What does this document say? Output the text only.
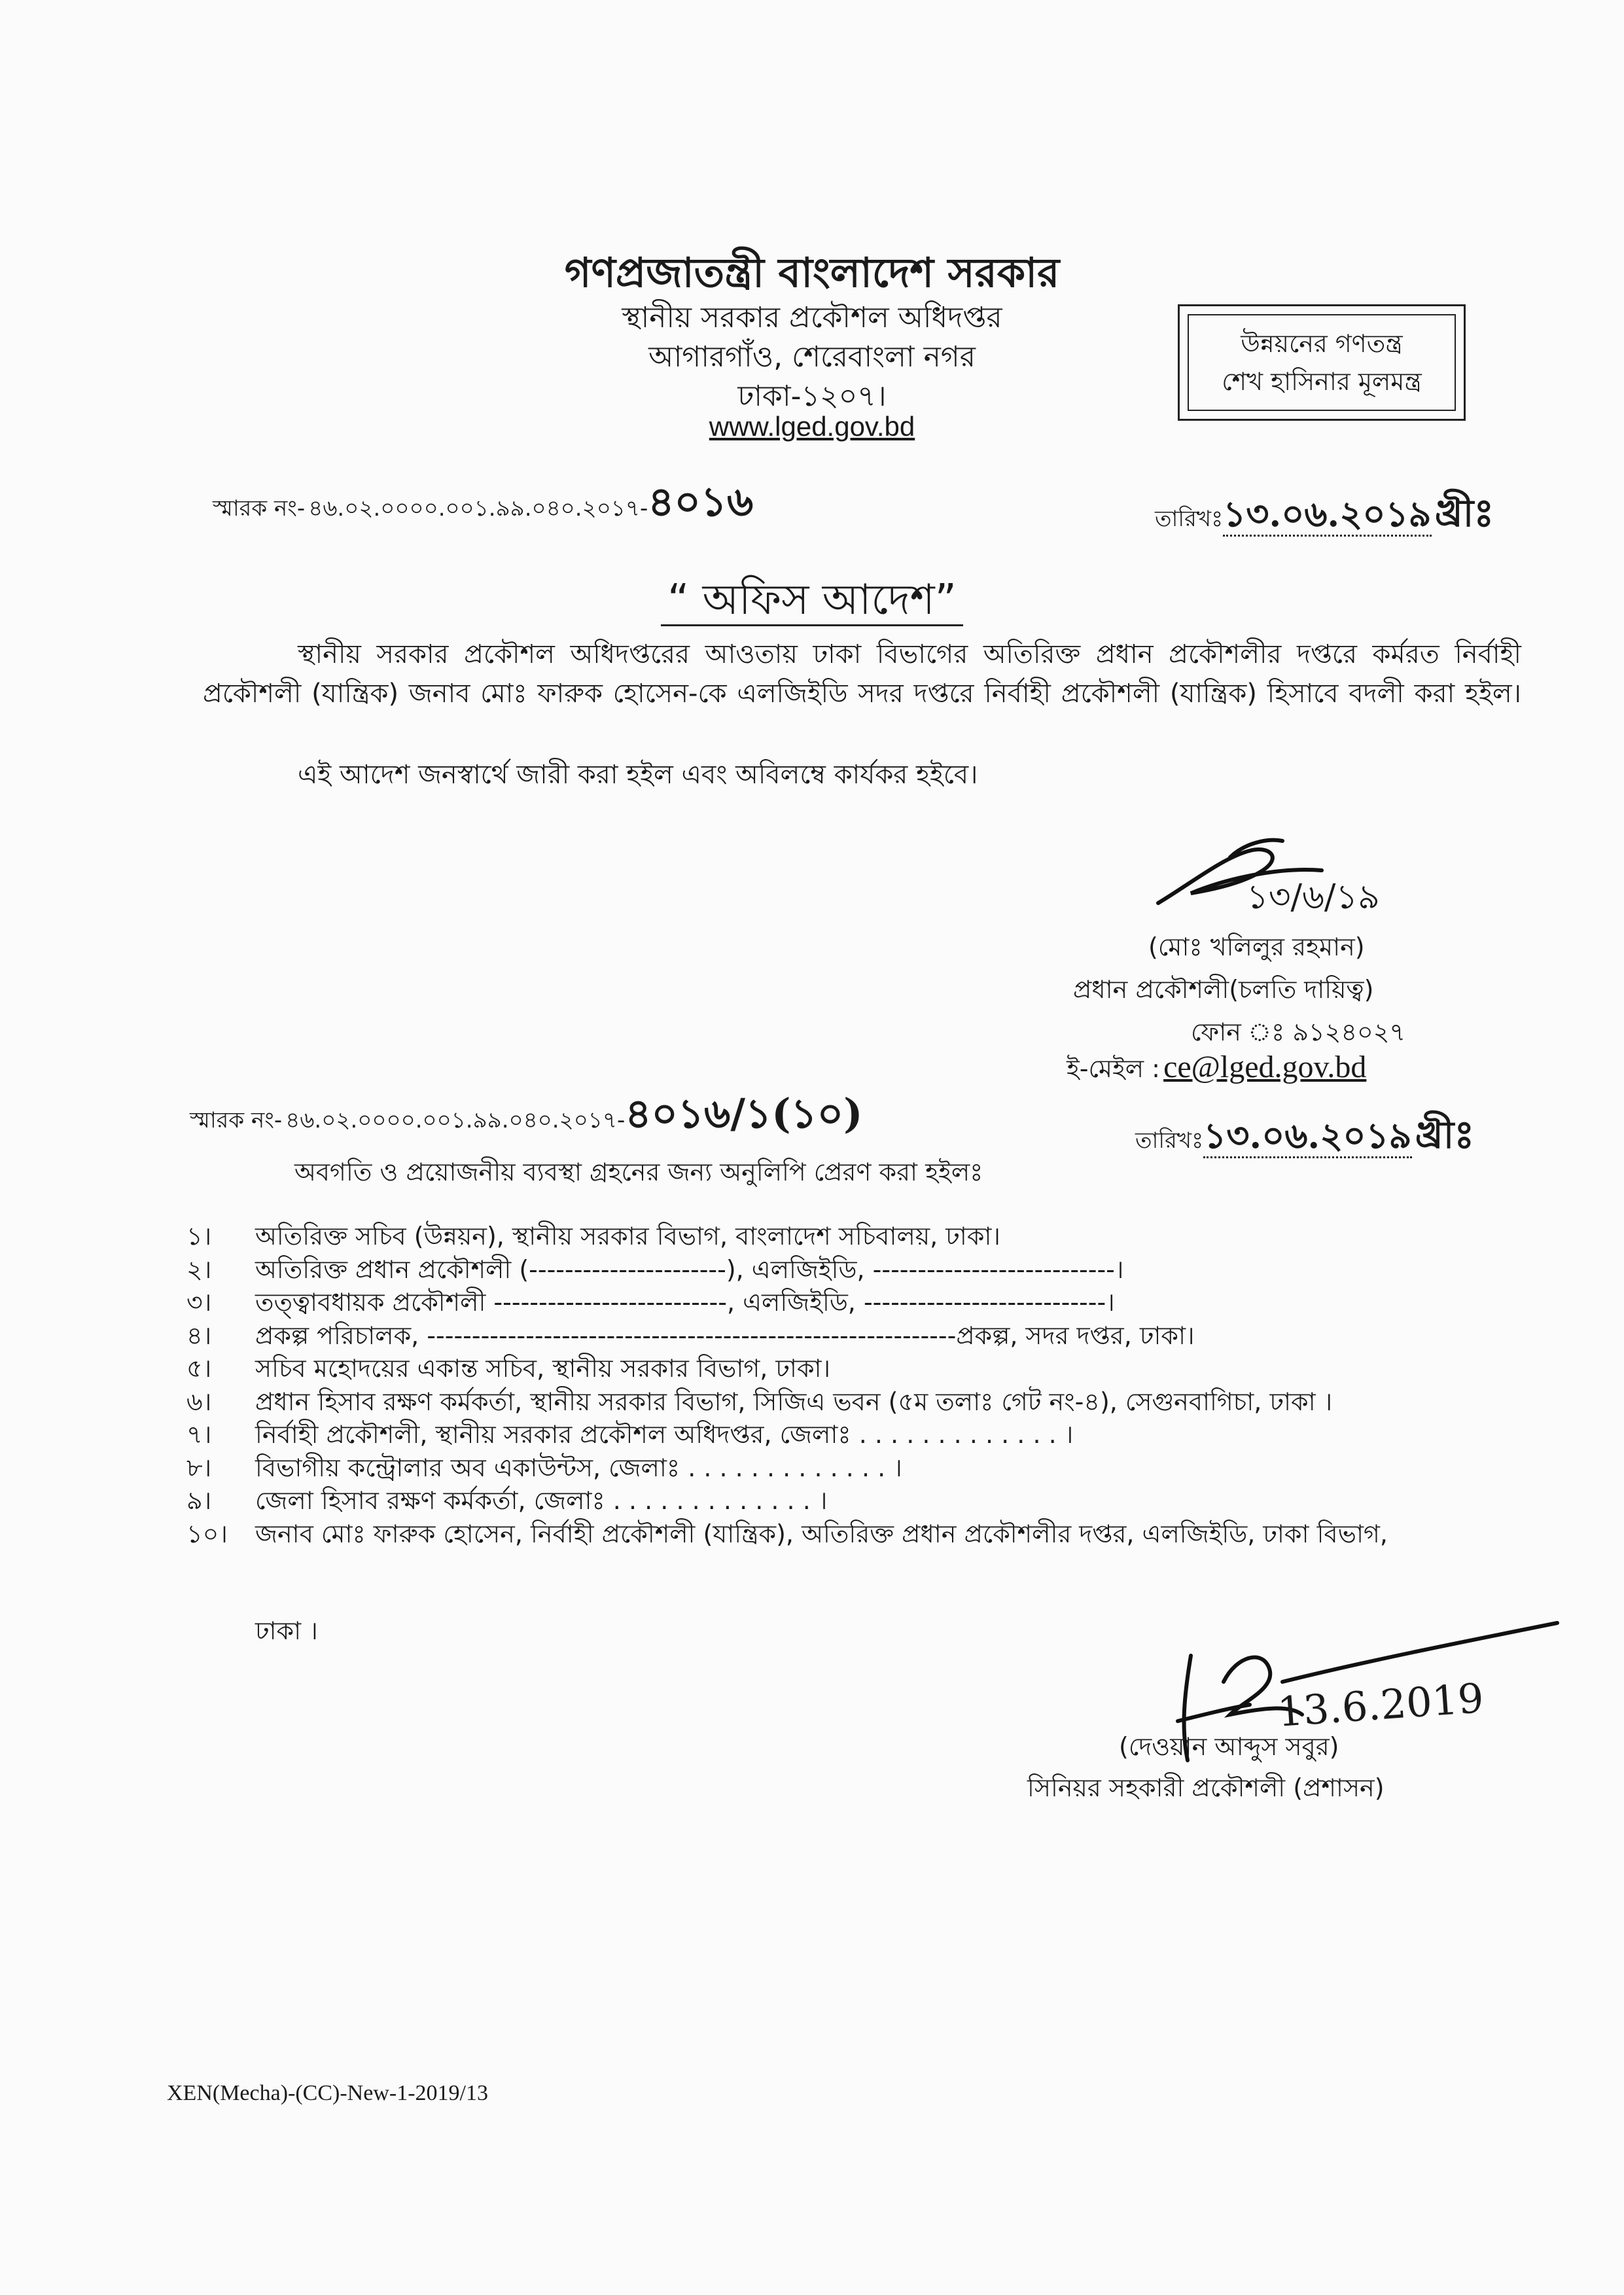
গণপ্রজাতন্ত্রী বাংলাদেশ সরকার
স্থানীয় সরকার প্রকৌশল অধিদপ্তর
আগারগাঁও, শেরেবাংলা নগর
ঢাকা-১২০৭।
www.lged.gov.bd
উন্নয়নের গণতন্ত্র
শেখ হাসিনার মূলমন্ত্র
স্মারক নং- ৪৬.০২.০০০০.০০১.৯৯.০৪০.২০১৭-৪০১৬	তারিখঃ১৩.০৬.২০১৯ খ্রীঃ
“ অফিস আদেশ”
স্থানীয় সরকার প্রকৌশল অধিদপ্তরের আওতায় ঢাকা বিভাগের অতিরিক্ত প্রধান প্রকৌশলীর দপ্তরে কর্মরত নির্বাহী
প্রকৌশলী (যান্ত্রিক) জনাব মোঃ ফারুক হোসেন-কে এলজিইডি সদর দপ্তরে নির্বাহী প্রকৌশলী (যান্ত্রিক) হিসাবে বদলী করা হইল।
এই আদেশ জনস্বার্থে জারী করা হইল এবং অবিলম্বে কার্যকর হইবে।
১৩/৬/১৯
(মোঃ খলিলুর রহমান)
প্রধান প্রকৌশলী(চলতি দায়িত্ব)
ফোন ঃ ৯১২৪০২৭
ই-মেইল : ce@lged.gov.bd
স্মারক নং- ৪৬.০২.০০০০.০০১.৯৯.০৪০.২০১৭-৪০১৬/১(১০)
তারিখঃ১৩.০৬.২০১৯ খ্রীঃ
অবগতি ও প্রয়োজনীয় ব্যবস্থা গ্রহনের জন্য অনুলিপি প্রেরণ করা হইলঃ
১। অতিরিক্ত সচিব (উন্নয়ন), স্থানীয় সরকার বিভাগ, বাংলাদেশ সচিবালয়, ঢাকা।
২। অতিরিক্ত প্রধান প্রকৌশলী (----------------------), এলজিইডি, ---------------------------।
৩। তত্ত্বাবধায়ক প্রকৌশলী --------------------------, এলজিইডি, ---------------------------।
৪। প্রকল্প পরিচালক, -----------------------------------------------------------প্রকল্প, সদর দপ্তর, ঢাকা।
৫। সচিব মহোদয়ের একান্ত সচিব, স্থানীয় সরকার বিভাগ, ঢাকা।
৬। প্রধান হিসাব রক্ষণ কর্মকর্তা, স্থানীয় সরকার বিভাগ, সিজিএ ভবন (৫ম তলাঃ গেট নং-৪), সেগুনবাগিচা, ঢাকা ।
৭। নির্বাহী প্রকৌশলী, স্থানীয় সরকার প্রকৌশল অধিদপ্তর, জেলাঃ . . . . . . . . . . . . . ।
৮। বিভাগীয় কন্ট্রোলার অব একাউন্টস, জেলাঃ . . . . . . . . . . . . . ।
৯। জেলা হিসাব রক্ষণ কর্মকর্তা, জেলাঃ . . . . . . . . . . . . . ।
১০। জনাব মোঃ ফারুক হোসেন, নির্বাহী প্রকৌশলী (যান্ত্রিক), অতিরিক্ত প্রধান প্রকৌশলীর দপ্তর, এলজিইডি, ঢাকা বিভাগ,
ঢাকা ।
13.6.2019
(দেওয়ান আব্দুস সবুর)
সিনিয়র সহকারী প্রকৌশলী (প্রশাসন)
XEN(Mecha)-(CC)-New-1-2019/13
